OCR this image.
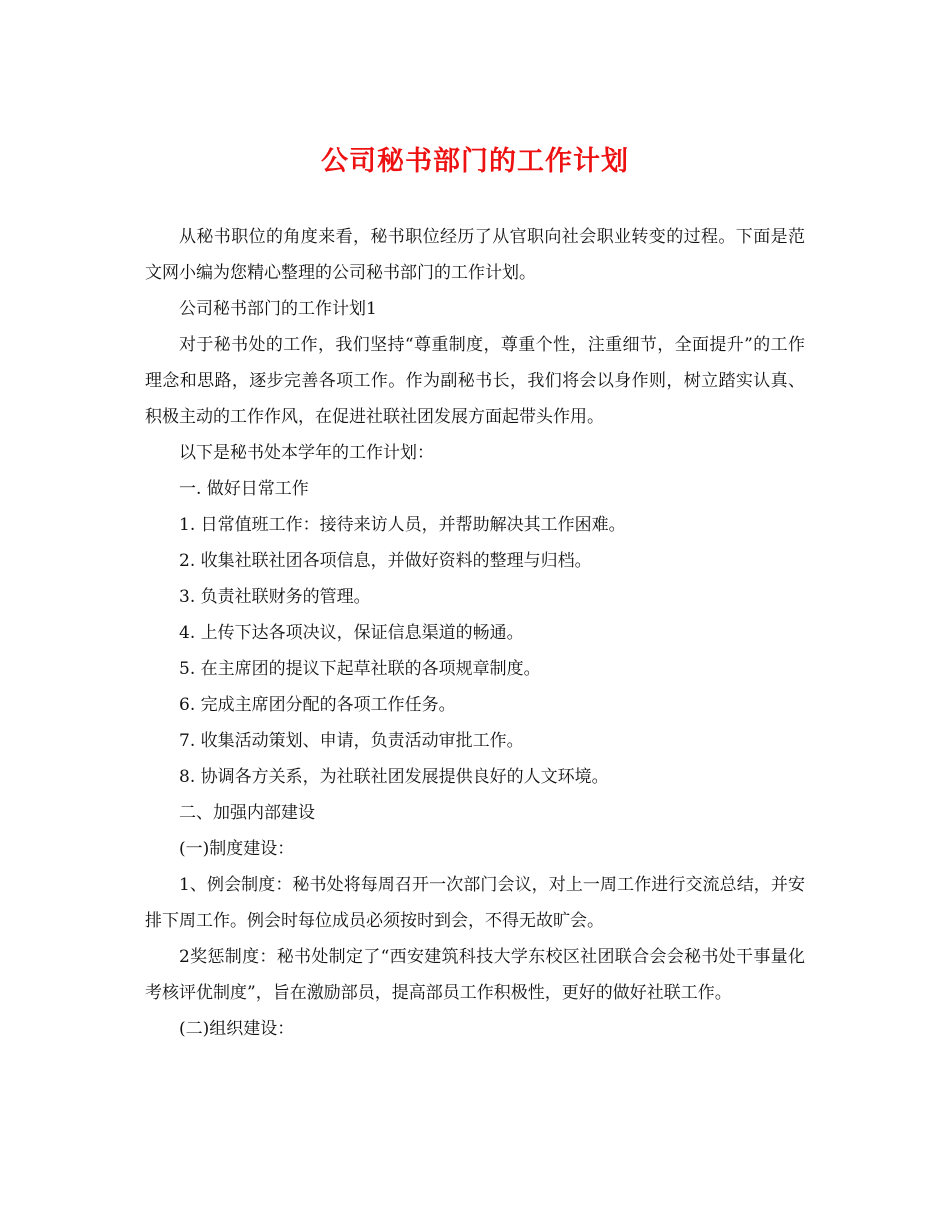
公司秘书部门的工作计划

从秘书职位的角度来看，秘书职位经历了从官职向社会职业转变的过程。下面是范文网小编为您精心整理的公司秘书部门的工作计划。

公司秘书部门的工作计划1

对于秘书处的工作，我们坚持“尊重制度，尊重个性，注重细节，全面提升”的工作理念和思路，逐步完善各项工作。作为副秘书长，我们将会以身作则，树立踏实认真、积极主动的工作作风，在促进社联社团发展方面起带头作用。

以下是秘书处本学年的工作计划：

一. 做好日常工作

1. 日常值班工作：接待来访人员，并帮助解决其工作困难。

2. 收集社联社团各项信息，并做好资料的整理与归档。

3. 负责社联财务的管理。

4. 上传下达各项决议，保证信息渠道的畅通。

5. 在主席团的提议下起草社联的各项规章制度。

6. 完成主席团分配的各项工作任务。

7. 收集活动策划、申请，负责活动审批工作。

8. 协调各方关系，为社联社团发展提供良好的人文环境。

二、加强内部建设

(一)制度建设：

1、例会制度：秘书处将每周召开一次部门会议，对上一周工作进行交流总结，并安排下周工作。例会时每位成员必须按时到会，不得无故旷会。

2奖惩制度：秘书处制定了“西安建筑科技大学东校区社团联合会会秘书处干事量化考核评优制度”，旨在激励部员，提高部员工作积极性，更好的做好社联工作。

(二)组织建设：
